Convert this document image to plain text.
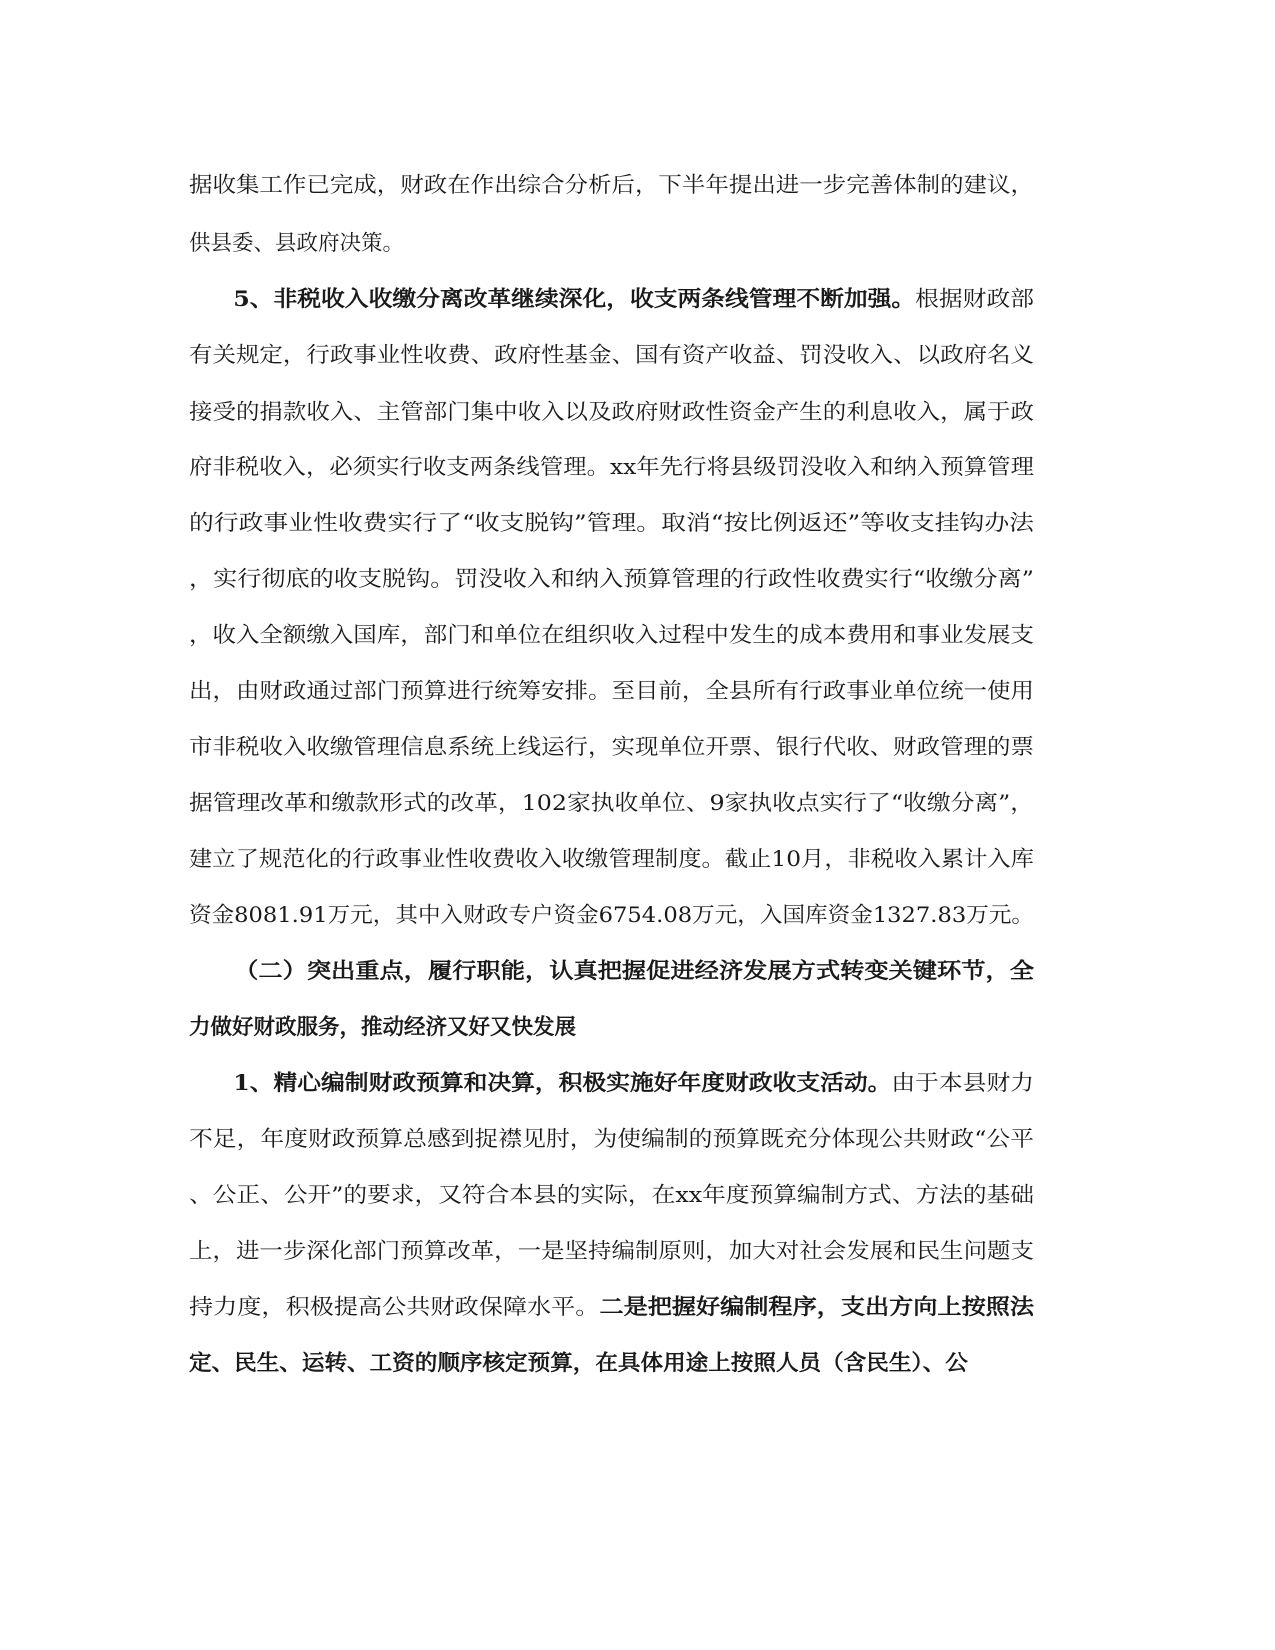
据收集工作已完成，财政在作出综合分析后，下半年提出进一步完善体制的建议，
供县委、县政府决策。
5、非税收入收缴分离改革继续深化，收支两条线管理不断加强。根据财政部
有关规定，行政事业性收费、政府性基金、国有资产收益、罚没收入、以政府名义
接受的捐款收入、主管部门集中收入以及政府财政性资金产生的利息收入，属于政
府非税收入，必须实行收支两条线管理。xx年先行将县级罚没收入和纳入预算管理
的行政事业性收费实行了“收支脱钩”管理。取消“按比例返还”等收支挂钩办法
，实行彻底的收支脱钩。罚没收入和纳入预算管理的行政性收费实行“收缴分离”
，收入全额缴入国库，部门和单位在组织收入过程中发生的成本费用和事业发展支
出，由财政通过部门预算进行统筹安排。至目前，全县所有行政事业单位统一使用
市非税收入收缴管理信息系统上线运行，实现单位开票、银行代收、财政管理的票
据管理改革和缴款形式的改革，102家执收单位、9家执收点实行了“收缴分离”，
建立了规范化的行政事业性收费收入收缴管理制度。截止10月，非税收入累计入库
资金8081.91万元，其中入财政专户资金6754.08万元，入国库资金1327.83万元。
（二）突出重点，履行职能，认真把握促进经济发展方式转变关键环节，全
力做好财政服务，推动经济又好又快发展
1、精心编制财政预算和决算，积极实施好年度财政收支活动。由于本县财力
不足，年度财政预算总感到捉襟见肘，为使编制的预算既充分体现公共财政“公平
、公正、公开”的要求，又符合本县的实际，在xx年度预算编制方式、方法的基础
上，进一步深化部门预算改革，一是坚持编制原则，加大对社会发展和民生问题支
持力度，积极提高公共财政保障水平。二是把握好编制程序，支出方向上按照法
定、民生、运转、工资的顺序核定预算，在具体用途上按照人员（含民生）、公
